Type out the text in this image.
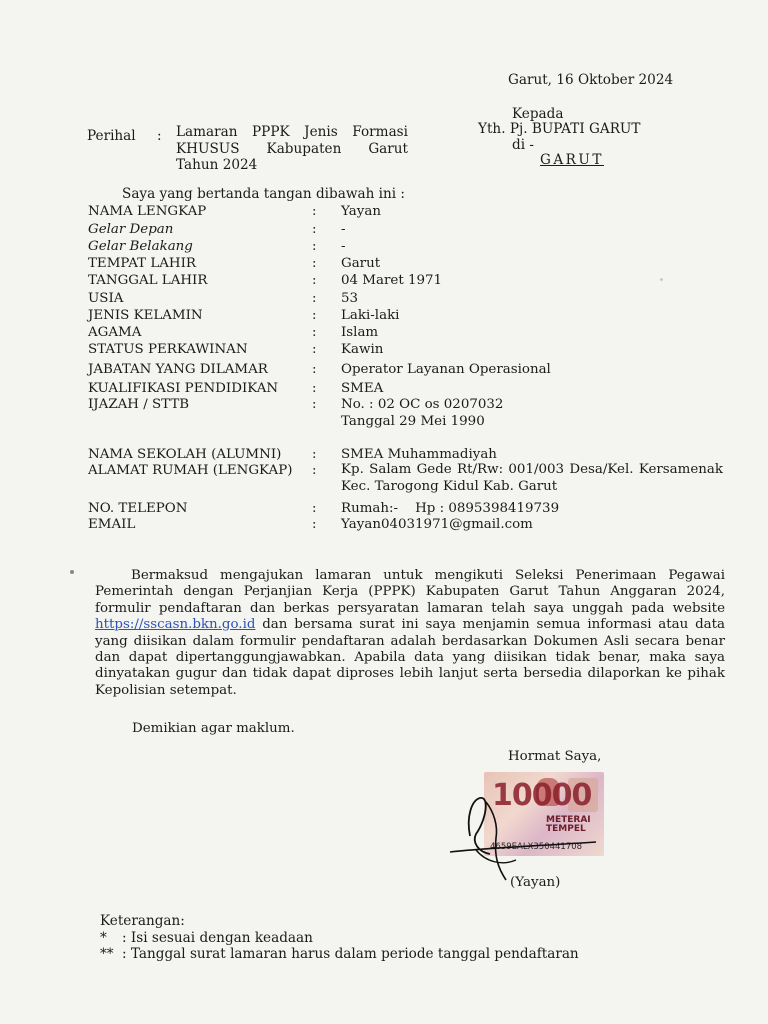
Garut, 16 Oktober 2024
Kepada
Yth. Pj. BUPATI GARUT
di -
GARUT
Perihal : Lamaran PPPK Jenis Formasi KHUSUS Kabupaten Garut Tahun 2024
Saya yang bertanda tangan dibawah ini :
NAMA LENGKAP	: Yayan
Gelar Depan	: -
Gelar Belakang	: -
TEMPAT LAHIR	: Garut
TANGGAL LAHIR	: 04 Maret 1971
USIA	: 53
JENIS KELAMIN	: Laki-laki
AGAMA	: Islam
STATUS PERKAWINAN	: Kawin
JABATAN YANG DILAMAR	: Operator Layanan Operasional
KUALIFIKASI PENDIDIKAN	: SMEA
IJAZAH / STTB	: No. : 02 OC os 0207032
Tanggal 29 Mei 1990
NAMA SEKOLAH (ALUMNI) : SMEA Muhammadiyah
ALAMAT RUMAH (LENGKAP) : Kp. Salam Gede Rt/Rw: 001/003 Desa/Kel. Kersamenak Kec. Tarogong Kidul Kab. Garut
NO. TELEPON	: Rumah:-    Hp : 0895398419739
EMAIL	: Yayan04031971@gmail.com
Bermaksud mengajukan lamaran untuk mengikuti Seleksi Penerimaan Pegawai Pemerintah dengan Perjanjian Kerja (PPPK) Kabupaten Garut Tahun Anggaran 2024, formulir pendaftaran dan berkas persyaratan lamaran telah saya unggah pada website https://sscasn.bkn.go.id dan bersama surat ini saya menjamin semua informasi atau data yang diisikan dalam formulir pendaftaran adalah berdasarkan Dokumen Asli secara benar dan dapat dipertanggungjawabkan. Apabila data yang diisikan tidak benar, maka saya dinyatakan gugur dan tidak dapat diproses lebih lanjut serta bersedia dilaporkan ke pihak Kepolisian setempat.
Demikian agar maklum.
Hormat Saya,
10000
METERAI
TEMPEL
4659EALX350441708
(Yayan)
Keterangan:
* : Isi sesuai dengan keadaan
** : Tanggal surat lamaran harus dalam periode tanggal pendaftaran
